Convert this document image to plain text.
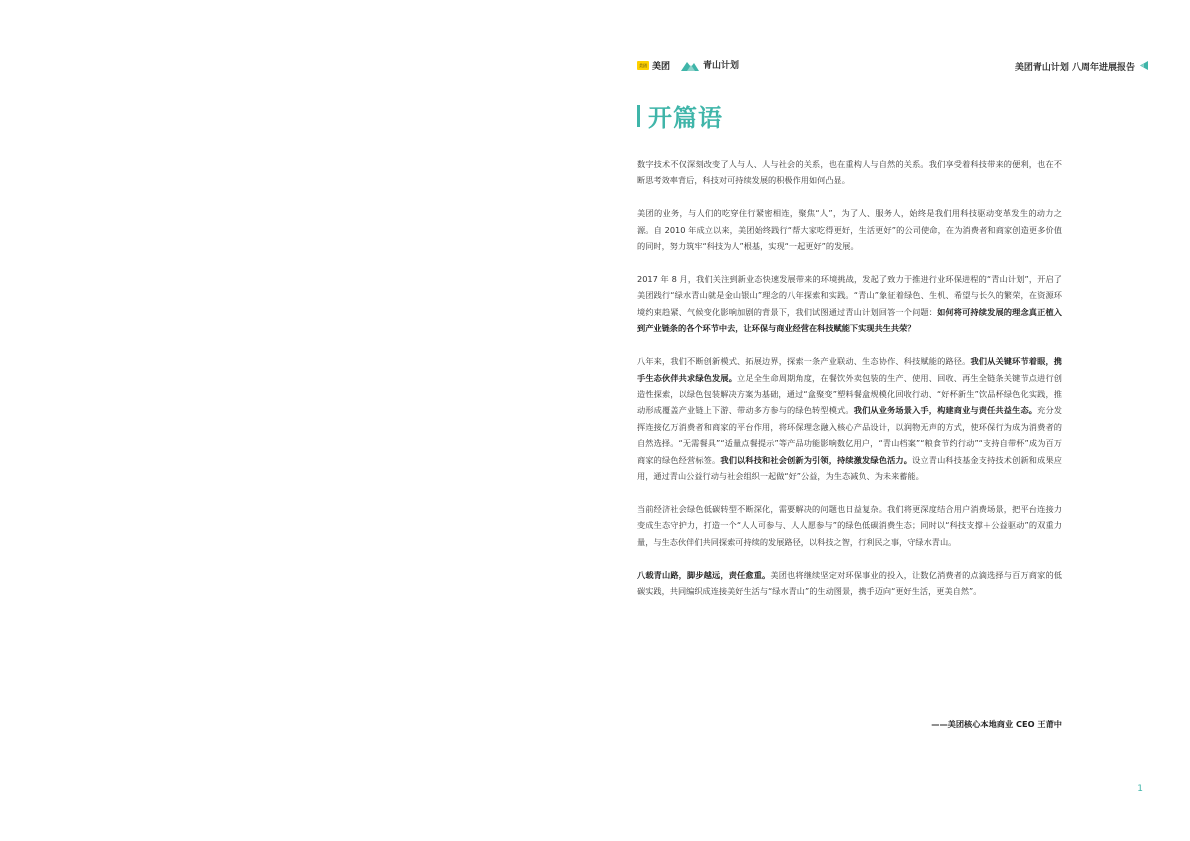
美团 美团	青山计划	美团青山计划 八周年进展报告
开篇语

数字技术不仅深刻改变了人与人、人与社会的关系，也在重构人与自然的关系。我们享受着科技带来的便利，也在不断思考效率背后，科技对可持续发展的积极作用如何凸显。

美团的业务，与人们的吃穿住行紧密相连，聚焦“人”，为了人、服务人，始终是我们用科技驱动变革发生的动力之源。自 2010 年成立以来，美团始终践行“帮大家吃得更好，生活更好”的公司使命，在为消费者和商家创造更多价值的同时，努力筑牢“科技为人”根基，实现“一起更好”的发展。

2017 年 8 月，我们关注到新业态快速发展带来的环境挑战，发起了致力于推进行业环保进程的“青山计划”，开启了美团践行“绿水青山就是金山银山”理念的八年探索和实践。“青山”象征着绿色、生机、希望与长久的繁荣，在资源环境约束趋紧、气候变化影响加剧的背景下，我们试图通过青山计划回答一个问题：如何将可持续发展的理念真正植入到产业链条的各个环节中去，让环保与商业经营在科技赋能下实现共生共荣？

八年来，我们不断创新模式、拓展边界，探索一条产业联动、生态协作、科技赋能的路径。我们从关键环节着眼，携手生态伙伴共求绿色发展。立足全生命周期角度，在餐饮外卖包装的生产、使用、回收、再生全链条关键节点进行创造性探索，以绿色包装解决方案为基础，通过“盒聚变”塑料餐盒规模化回收行动、“好杯新生”饮品杯绿色化实践，推动形成覆盖产业链上下游、带动多方参与的绿色转型模式。我们从业务场景入手，构建商业与责任共益生态。充分发挥连接亿万消费者和商家的平台作用，将环保理念融入核心产品设计，以润物无声的方式，使环保行为成为消费者的自然选择。“无需餐具”“适量点餐提示”等产品功能影响数亿用户，“青山档案”“粮食节约行动”“支持自带杯”成为百万商家的绿色经营标签。我们以科技和社会创新为引领，持续激发绿色活力。设立青山科技基金支持技术创新和成果应用，通过青山公益行动与社会组织一起做“好”公益，为生态减负、为未来蓄能。

当前经济社会绿色低碳转型不断深化，需要解决的问题也日益复杂。我们将更深度结合用户消费场景，把平台连接力变成生态守护力，打造一个“人人可参与、人人愿参与”的绿色低碳消费生态；同时以“科技支撑＋公益驱动”的双重力量，与生态伙伴们共同探索可持续的发展路径，以科技之智，行利民之事，守绿水青山。

八载青山路，脚步越远，责任愈重。美团也将继续坚定对环保事业的投入，让数亿消费者的点滴选择与百万商家的低碳实践，共同编织成连接美好生活与“绿水青山”的生动图景，携手迈向“更好生活，更美自然”。

——美团核心本地商业 CEO 王莆中
1
